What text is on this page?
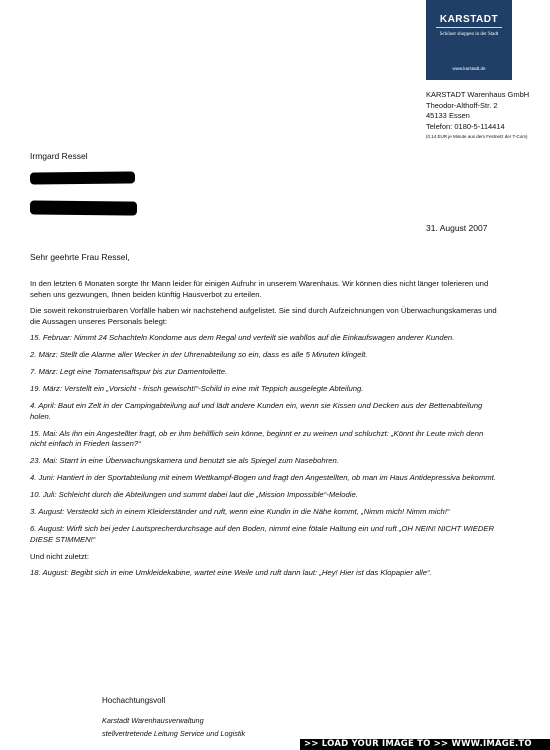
KARSTADT
Schöner shoppen in der Stadt
www.karstadt.de
KARSTADT Warenhaus GmbH
Theodor-Althoff-Str. 2
45133 Essen
Telefon: 0180-5-114414
(0,14 EUR je Minute aus dem Festnetz der T-Com)
Irmgard Ressel
31. August 2007
Sehr geehrte Frau Ressel,

In den letzten 6 Monaten sorgte Ihr Mann leider für einigen Aufruhr in unserem Warenhaus. Wir können dies nicht länger tolerieren und sehen uns gezwungen, Ihnen beiden künftig Hausverbot zu erteilen.

Die soweit rekonstruierbaren Vorfälle haben wir nachstehend aufgelistet. Sie sind durch Aufzeichnungen von Überwachungskameras und die Aussagen unseres Personals belegt:

15. Februar: Nimmt 24 Schachteln Kondome aus dem Regal und verteilt sie wahllos auf die Einkaufswagen anderer Kunden.

2. März: Stellt die Alarme aller Wecker in der Uhrenabteilung so ein, dass es alle 5 Minuten klingelt.

7. März: Legt eine Tomatensaftspur bis zur Damentoilette.

19. März: Verstellt ein „Vorsicht - frisch gewischt!“-Schild in eine mit Teppich ausgelegte Abteilung.

4. April: Baut ein Zelt in der Campingabteilung auf und lädt andere Kunden ein, wenn sie Kissen und Decken aus der Bettenabteilung holen.

15. Mai: Als ihn ein Angestellter fragt, ob er ihm behilflich sein könne, beginnt er zu weinen und schluchzt: „Könnt ihr Leute mich denn nicht einfach in Frieden lassen?“

23. Mai: Starrt in eine Überwachungskamera und benutzt sie als Spiegel zum Nasebohren.

4. Juni: Hantiert in der Sportabteilung mit einem Wettkampf-Bogen und fragt den Angestellten, ob man im Haus Antidepressiva bekommt.

10. Juli: Schleicht durch die Abteilungen und summt dabei laut die „Mission Impossible“-Melodie.

3. August: Versteckt sich in einem Kleiderständer und ruft, wenn eine Kundin in die Nähe kommt, „Nimm mich! Nimm mich!“

6. August: Wirft sich bei jeder Lautsprecherdurchsage auf den Boden, nimmt eine fötale Haltung ein und ruft „OH NEIN! NICHT WIEDER DIESE STIMMEN!“

Und nicht zuletzt:

18. August: Begibt sich in eine Umkleidekabine, wartet eine Weile und ruft dann laut: „Hey! Hier ist das Klopapier alle“.

Hochachtungsvoll
Karstadt Warenhausverwaltung
stellvertretende Leitung Service und Logistik
>> LOAD YOUR IMAGE TO >> WWW.IMAGE.TO
